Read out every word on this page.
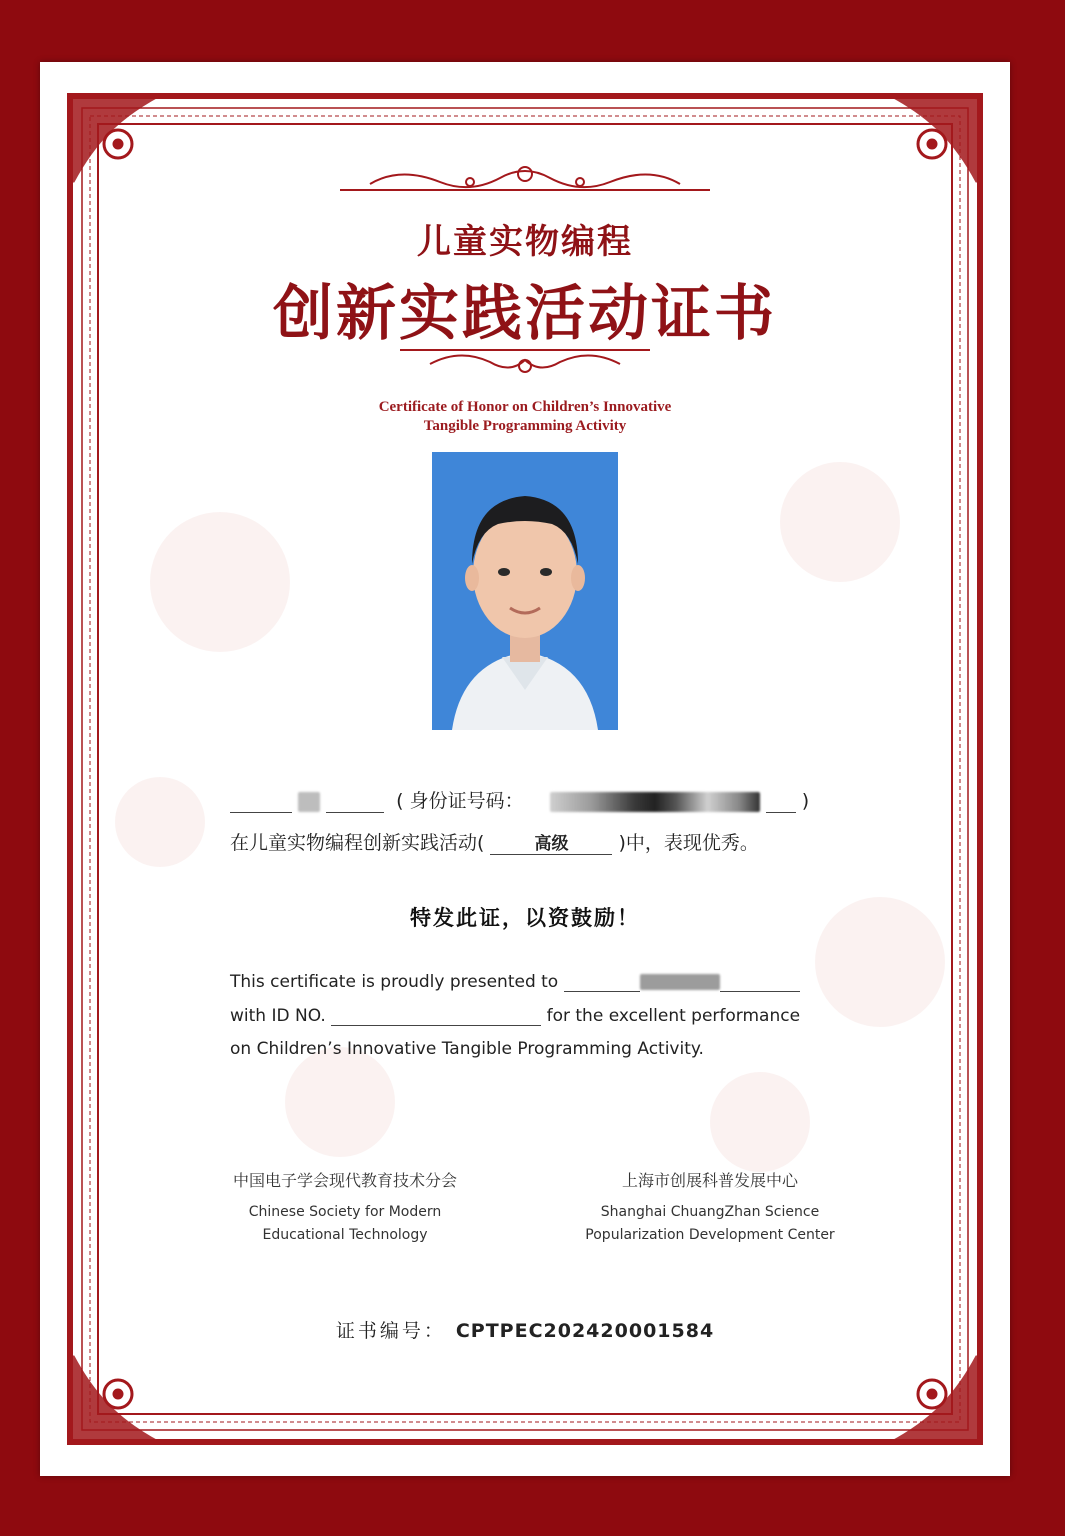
儿童实物编程
创新实践活动证书
Certificate of Honor on Children’s Innovative
Tangible Programming Activity
( 身份证号码：	)
在儿童实物编程创新实践活动(	高级	)中，表现优秀。
特发此证，以资鼓励！
This certificate is proudly presented to
with ID NO.	for the excellent performance
on Children’s Innovative Tangible Programming Activity.
中国电子学会现代教育技术分会
Chinese Society for Modern
Educational Technology
上海市创展科普发展中心
Shanghai ChuangZhan Science
Popularization Development Center
证书编号： CPTPEC202420001584
